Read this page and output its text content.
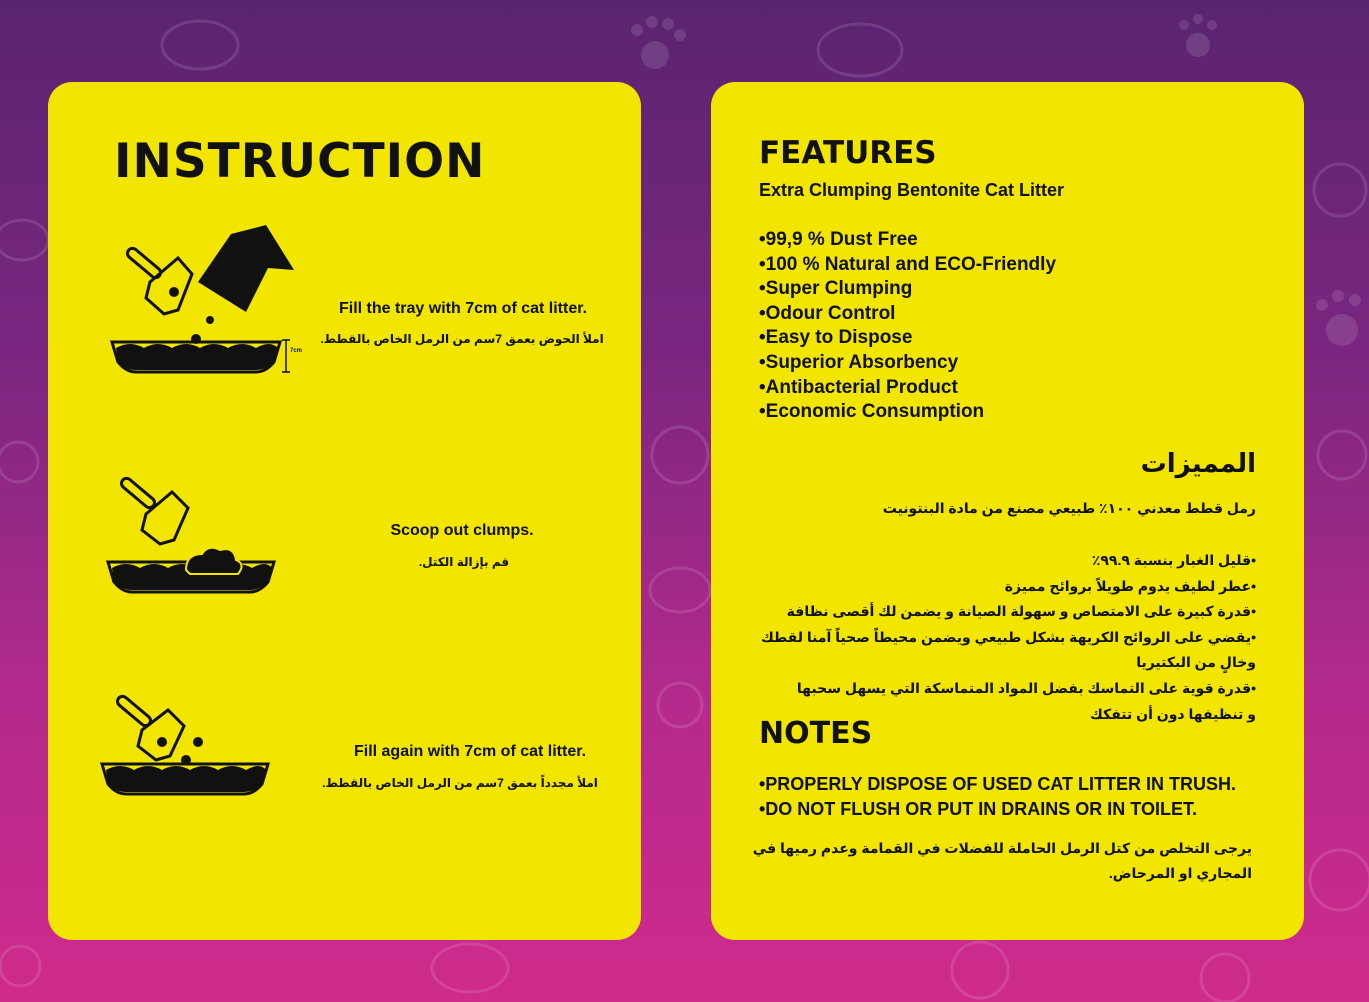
INSTRUCTION
7cm
Fill the tray with 7cm of cat litter.
املأ الحوض بعمق 7سم من الرمل الخاص بالقطط.
Scoop out clumps.
قم بإزالة الكتل.
Fill again with 7cm of cat litter.
املأ مجدداً بعمق 7سم من الرمل الخاص بالقطط.
FEATURES
Extra Clumping Bentonite Cat Litter
•99,9 % Dust Free
•100 % Natural and ECO-Friendly
•Super Clumping
•Odour Control
•Easy to Dispose
•Superior Absorbency
•Antibacterial Product
•Economic Consumption
المميزات
رمل قطط معدني ١٠٠٪ طبيعي مصنع من مادة البنتونيت
•قليل الغبار بنسبة ٩٩.٩٪
•عطر لطيف يدوم طويلاً بروائح مميزة
•قدرة كبيرة على الامتصاص و سهولة الصيانة و يضمن لك أقصى نظافة
•يقضي على الروائح الكريهة بشكل طبيعي ويضمن محيطاً صحياً آمنا لقطك
وخالٍ من البكتيريا
•قدرة قوية على التماسك بفضل المواد المتماسكة التي يسهل سحبها
و تنظيفها دون أن تتفكك
NOTES
•PROPERLY DISPOSE OF USED CAT LITTER IN TRUSH.
•DO NOT FLUSH OR PUT IN DRAINS OR IN TOILET.
يرجى التخلص من كتل الرمل الحاملة للفضلات في القمامة وعدم رميها في المجاري او المرحاض.
